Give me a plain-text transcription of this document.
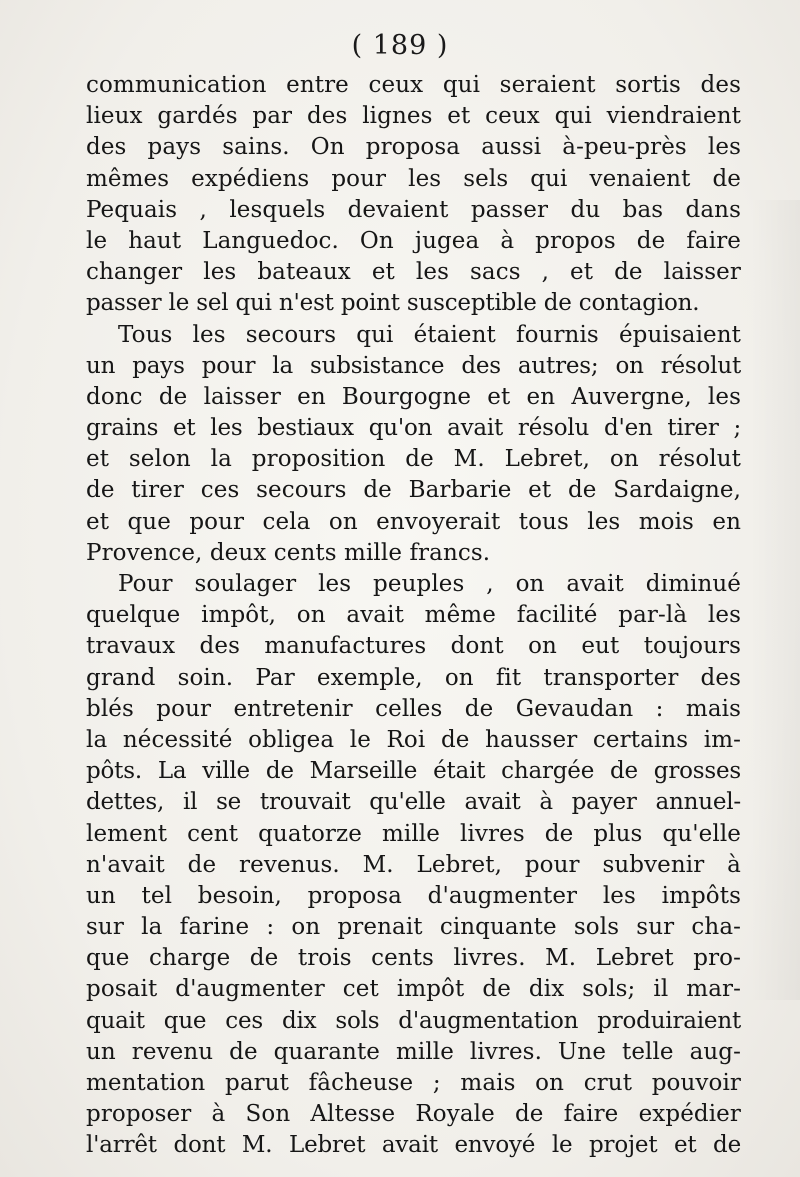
( 189 )
communication entre ceux qui seraient sortis des
lieux gardés par des lignes et ceux qui viendraient
des pays sains. On proposa aussi à-peu-près les
mêmes expédiens pour les sels qui venaient de
Pequais , lesquels devaient passer du bas dans
le haut Languedoc. On jugea à propos de faire
changer les bateaux et les sacs , et de laisser
passer le sel qui n'est point susceptible de contagion.
Tous les secours qui étaient fournis épuisaient
un pays pour la subsistance des autres; on résolut
donc de laisser en Bourgogne et en Auvergne, les
grains et les bestiaux qu'on avait résolu d'en tirer ;
et selon la proposition de M. Lebret, on résolut
de tirer ces secours de Barbarie et de Sardaigne,
et que pour cela on envoyerait tous les mois en
Provence, deux cents mille francs.
Pour soulager les peuples , on avait diminué
quelque impôt, on avait même facilité par-là les
travaux des manufactures dont on eut toujours
grand soin. Par exemple, on fit transporter des
blés pour entretenir celles de Gevaudan : mais
la nécessité obligea le Roi de hausser certains im-
pôts. La ville de Marseille était chargée de grosses
dettes, il se trouvait qu'elle avait à payer annuel-
lement cent quatorze mille livres de plus qu'elle
n'avait de revenus. M. Lebret, pour subvenir à
un tel besoin, proposa d'augmenter les impôts
sur la farine : on prenait cinquante sols sur cha-
que charge de trois cents livres. M. Lebret pro-
posait d'augmenter cet impôt de dix sols; il mar-
quait que ces dix sols d'augmentation produiraient
un revenu de quarante mille livres. Une telle aug-
mentation parut fâcheuse ; mais on crut pouvoir
proposer à Son Altesse Royale de faire expédier
l'arrêt dont M. Lebret avait envoyé le projet et de
